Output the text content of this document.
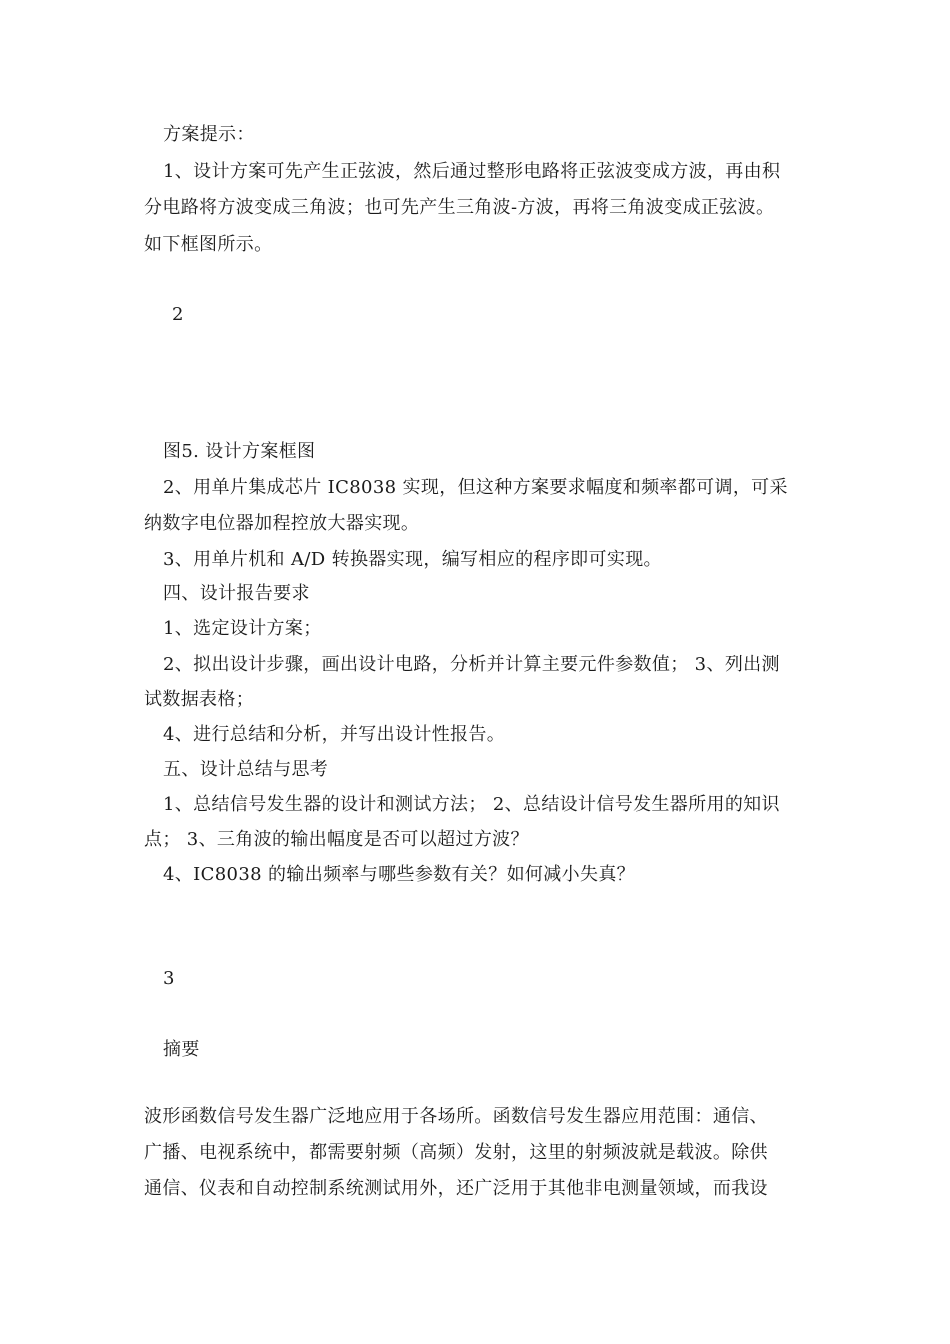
方案提示：
1、设计方案可先产生正弦波，然后通过整形电路将正弦波变成方波，再由积
分电路将方波变成三角波；也可先产生三角波-方波，再将三角波变成正弦波。
如下框图所示。
2
图5. 设计方案框图
2、用单片集成芯片 IC8038 实现，但这种方案要求幅度和频率都可调，可采
纳数字电位器加程控放大器实现。
3、用单片机和 A/D 转换器实现，编写相应的程序即可实现。
四、设计报告要求
1、选定设计方案；
2、拟出设计步骤，画出设计电路，分析并计算主要元件参数值； 3、列出测
试数据表格；
4、进行总结和分析，并写出设计性报告。
五、设计总结与思考
1、总结信号发生器的设计和测试方法； 2、总结设计信号发生器所用的知识
点； 3、三角波的输出幅度是否可以超过方波？
4、IC8038 的输出频率与哪些参数有关？如何减小失真？
3
摘要
波形函数信号发生器广泛地应用于各场所。函数信号发生器应用范围：通信、
广播、电视系统中，都需要射频（高频）发射，这里的射频波就是载波。除供
通信、仪表和自动控制系统测试用外，还广泛用于其他非电测量领域，而我设
